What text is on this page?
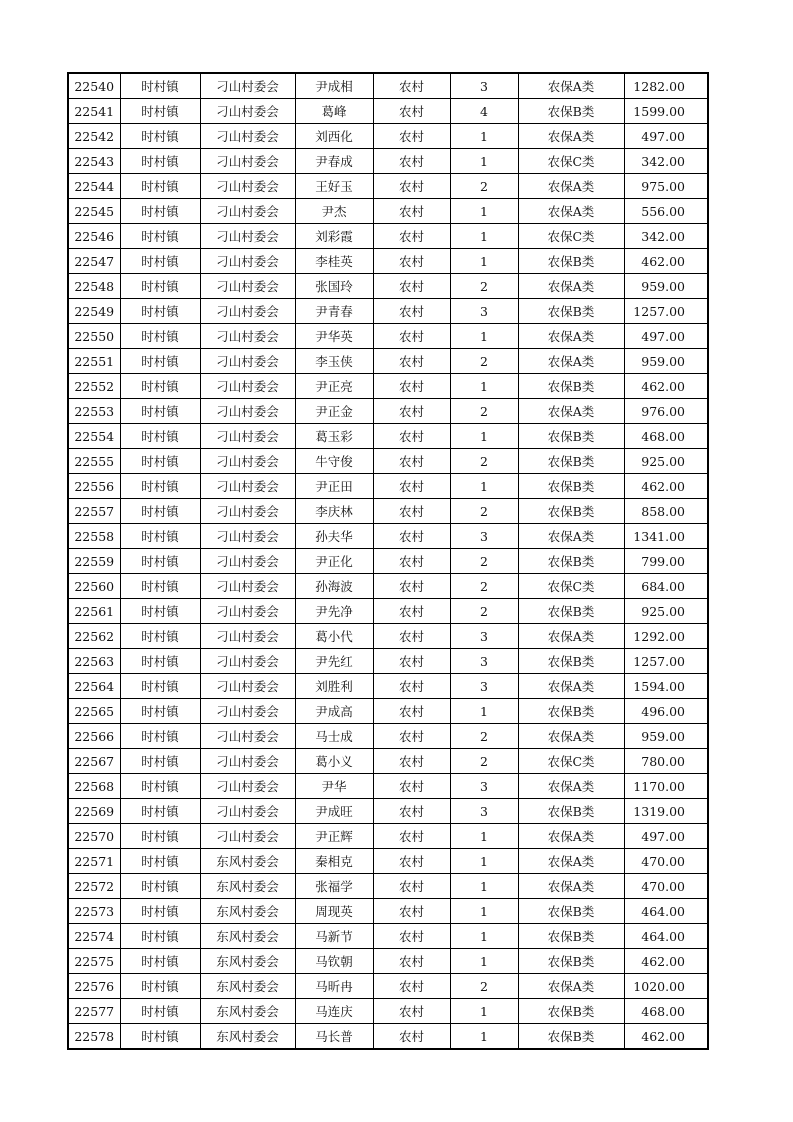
22540	时村镇	刁山村委会	尹成相	农村	3	农保A类	1282.00
22541	时村镇	刁山村委会	葛峰	农村	4	农保B类	1599.00
22542	时村镇	刁山村委会	刘西化	农村	1	农保A类	497.00
22543	时村镇	刁山村委会	尹春成	农村	1	农保C类	342.00
22544	时村镇	刁山村委会	王好玉	农村	2	农保A类	975.00
22545	时村镇	刁山村委会	尹杰	农村	1	农保A类	556.00
22546	时村镇	刁山村委会	刘彩霞	农村	1	农保C类	342.00
22547	时村镇	刁山村委会	李桂英	农村	1	农保B类	462.00
22548	时村镇	刁山村委会	张国玲	农村	2	农保A类	959.00
22549	时村镇	刁山村委会	尹青春	农村	3	农保B类	1257.00
22550	时村镇	刁山村委会	尹华英	农村	1	农保A类	497.00
22551	时村镇	刁山村委会	李玉侠	农村	2	农保A类	959.00
22552	时村镇	刁山村委会	尹正亮	农村	1	农保B类	462.00
22553	时村镇	刁山村委会	尹正金	农村	2	农保A类	976.00
22554	时村镇	刁山村委会	葛玉彩	农村	1	农保B类	468.00
22555	时村镇	刁山村委会	牛守俊	农村	2	农保B类	925.00
22556	时村镇	刁山村委会	尹正田	农村	1	农保B类	462.00
22557	时村镇	刁山村委会	李庆林	农村	2	农保B类	858.00
22558	时村镇	刁山村委会	孙夫华	农村	3	农保A类	1341.00
22559	时村镇	刁山村委会	尹正化	农村	2	农保B类	799.00
22560	时村镇	刁山村委会	孙海波	农村	2	农保C类	684.00
22561	时村镇	刁山村委会	尹先净	农村	2	农保B类	925.00
22562	时村镇	刁山村委会	葛小代	农村	3	农保A类	1292.00
22563	时村镇	刁山村委会	尹先红	农村	3	农保B类	1257.00
22564	时村镇	刁山村委会	刘胜利	农村	3	农保A类	1594.00
22565	时村镇	刁山村委会	尹成高	农村	1	农保B类	496.00
22566	时村镇	刁山村委会	马士成	农村	2	农保A类	959.00
22567	时村镇	刁山村委会	葛小义	农村	2	农保C类	780.00
22568	时村镇	刁山村委会	尹华	农村	3	农保A类	1170.00
22569	时村镇	刁山村委会	尹成旺	农村	3	农保B类	1319.00
22570	时村镇	刁山村委会	尹正辉	农村	1	农保A类	497.00
22571	时村镇	东风村委会	秦相克	农村	1	农保A类	470.00
22572	时村镇	东风村委会	张福学	农村	1	农保A类	470.00
22573	时村镇	东风村委会	周现英	农村	1	农保B类	464.00
22574	时村镇	东风村委会	马新节	农村	1	农保B类	464.00
22575	时村镇	东风村委会	马钦朝	农村	1	农保B类	462.00
22576	时村镇	东风村委会	马昕冉	农村	2	农保A类	1020.00
22577	时村镇	东风村委会	马连庆	农村	1	农保B类	468.00
22578	时村镇	东风村委会	马长普	农村	1	农保B类	462.00
